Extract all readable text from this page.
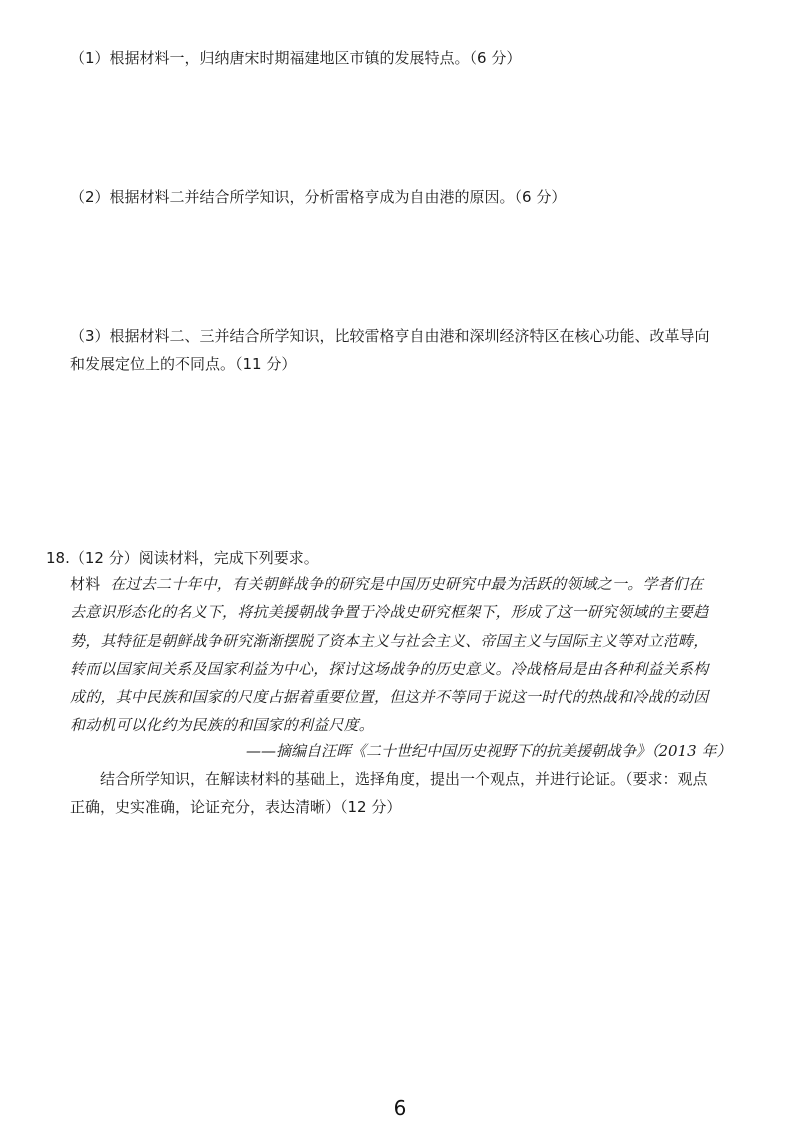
（1）根据材料一，归纳唐宋时期福建地区市镇的发展特点。（6 分）
（2）根据材料二并结合所学知识，分析雷格亨成为自由港的原因。（6 分）
（3）根据材料二、三并结合所学知识，比较雷格亨自由港和深圳经济特区在核心功能、改革导向
和发展定位上的不同点。（11 分）
18.（12 分）阅读材料，完成下列要求。
材料 在过去二十年中，有关朝鲜战争的研究是中国历史研究中最为活跃的领域之一。学者们在
去意识形态化的名义下，将抗美援朝战争置于冷战史研究框架下，形成了这一研究领域的主要趋
势，其特征是朝鲜战争研究渐渐摆脱了资本主义与社会主义、帝国主义与国际主义等对立范畴，
转而以国家间关系及国家利益为中心，探讨这场战争的历史意义。冷战格局是由各种利益关系构
成的，其中民族和国家的尺度占据着重要位置，但这并不等同于说这一时代的热战和冷战的动因
和动机可以化约为民族的和国家的利益尺度。
——摘编自汪晖《二十世纪中国历史视野下的抗美援朝战争》（2013 年）
结合所学知识，在解读材料的基础上，选择角度，提出一个观点，并进行论证。（要求：观点
正确，史实准确，论证充分，表达清晰）（12 分）
6
